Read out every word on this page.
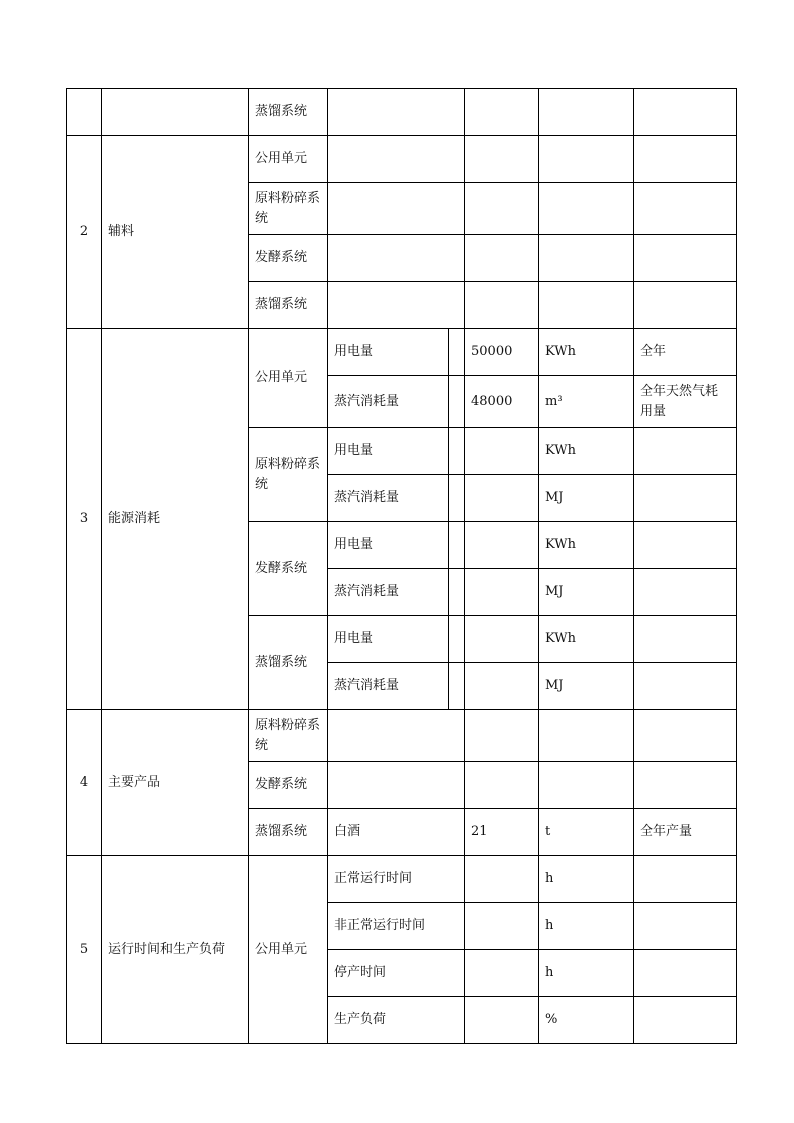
		蒸馏系统					
2	辅料	公用单元					
		原料粉碎系统					
		发酵系统					
		蒸馏系统					
3	能源消耗	公用单元	用电量		50000	KWh	全年
			蒸汽消耗量		48000	m³	全年天然气耗用量
		原料粉碎系统	用电量			KWh	
			蒸汽消耗量			MJ	
		发酵系统	用电量			KWh	
			蒸汽消耗量			MJ	
		蒸馏系统	用电量			KWh	
			蒸汽消耗量			MJ	
4	主要产品	原料粉碎系统					
		发酵系统					
		蒸馏系统	白酒		21	t	全年产量
5	运行时间和生产负荷	公用单元	正常运行时间			h	
			非正常运行时间			h	
			停产时间			h	
			生产负荷			%	
